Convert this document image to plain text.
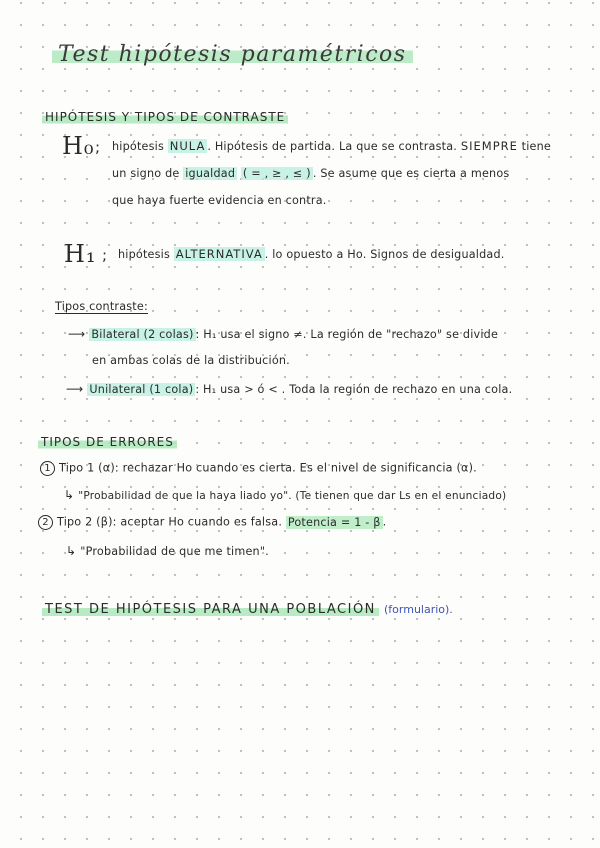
Test hipótesis paramétricos
HIPÓTESIS Y TIPOS DE CONTRASTE
H₀ ; hipótesis NULA . Hipótesis de partida. La que se contrasta. SIEMPRE tiene
un signo de igualdad ( = , ≥ , ≤ ) . Se asume que es cierta a menos
que haya fuerte evidencia en contra.
H₁ ; hipótesis ALTERNATIVA . lo opuesto a Ho. Signos de desigualdad.
Tipos contraste:
⟶ Bilateral (2 colas) : H₁ usa el signo ≠. La región de "rechazo" se divide
en ambas colas de la distribución.
⟶ Unilateral (1 cola) : H₁ usa > ó < . Toda la región de rechazo en una cola.
TIPOS DE ERRORES
1 Tipo 1 (α): rechazar Ho cuando es cierta. Es el nivel de significancia (α).
↳ "Probabilidad de que la haya liado yo". (Te tienen que dar Ls en el enunciado)
2 Tipo 2 (β): aceptar Ho cuando es falsa. Potencia = 1 - β .
↳ "Probabilidad de que me timen".
TEST DE HIPÓTESIS PARA UNA POBLACIÓN (formulario).
